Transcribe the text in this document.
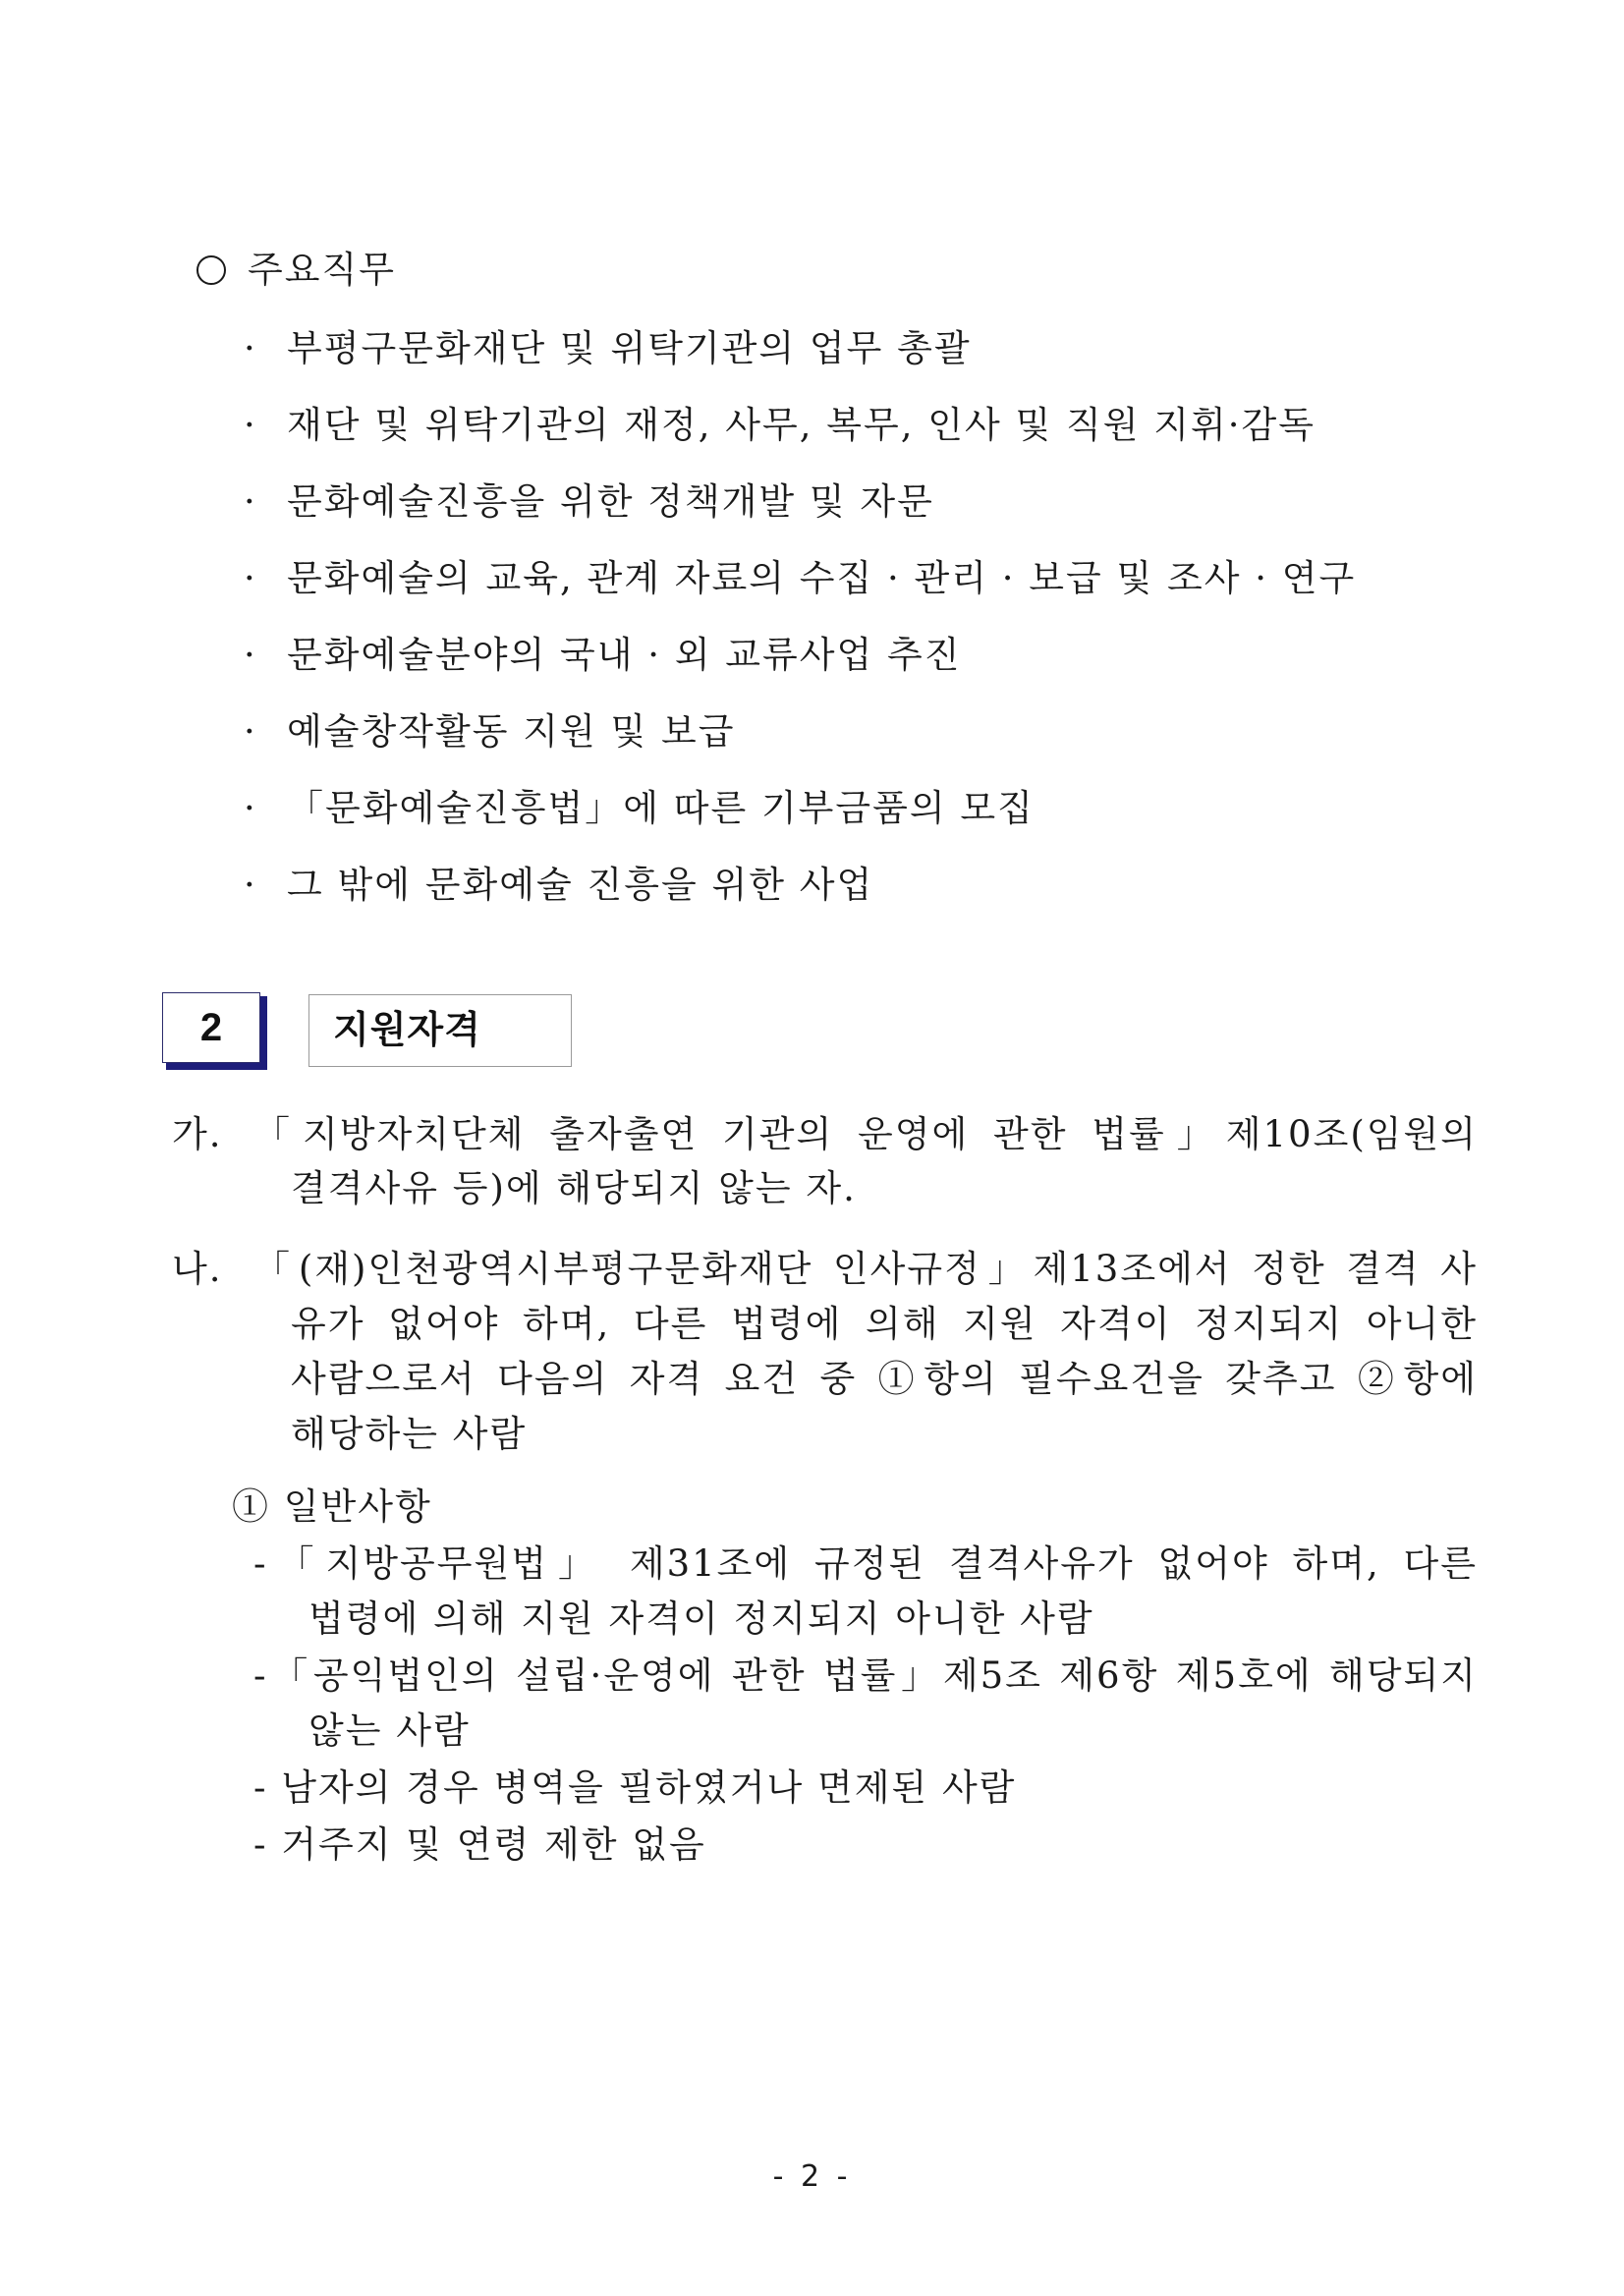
주요직무
· 부평구문화재단 및 위탁기관의 업무 총괄
· 재단 및 위탁기관의 재정, 사무, 복무, 인사 및 직원 지휘·감독
· 문화예술진흥을 위한 정책개발 및 자문
· 문화예술의 교육, 관계 자료의 수집 · 관리 · 보급 및 조사 · 연구
· 문화예술분야의 국내 · 외 교류사업 추진
· 예술창작활동 지원 및 보급
· 「문화예술진흥법」에 따른 기부금품의 모집
· 그 밖에 문화예술 진흥을 위한 사업
2	지원자격
가. 「지방자치단체 출자출연 기관의 운영에 관한 법률」제10조(임원의
결격사유 등)에 해당되지 않는 자.
나. 「(재)인천광역시부평구문화재단 인사규정」제13조에서 정한 결격 사
유가 없어야 하며, 다른 법령에 의해 지원 자격이 정지되지 아니한
사람으로서 다음의 자격 요건 중 ①항의 필수요건을 갖추고 ②항에
해당하는 사람
① 일반사항
-「지방공무원법」 제31조에 규정된 결격사유가 없어야 하며, 다른
법령에 의해 지원 자격이 정지되지 아니한 사람
-「공익법인의 설립·운영에 관한 법률」제5조 제6항 제5호에 해당되지
않는 사람
- 남자의 경우 병역을 필하였거나 면제된 사람
- 거주지 및 연령 제한 없음
- 2 -
